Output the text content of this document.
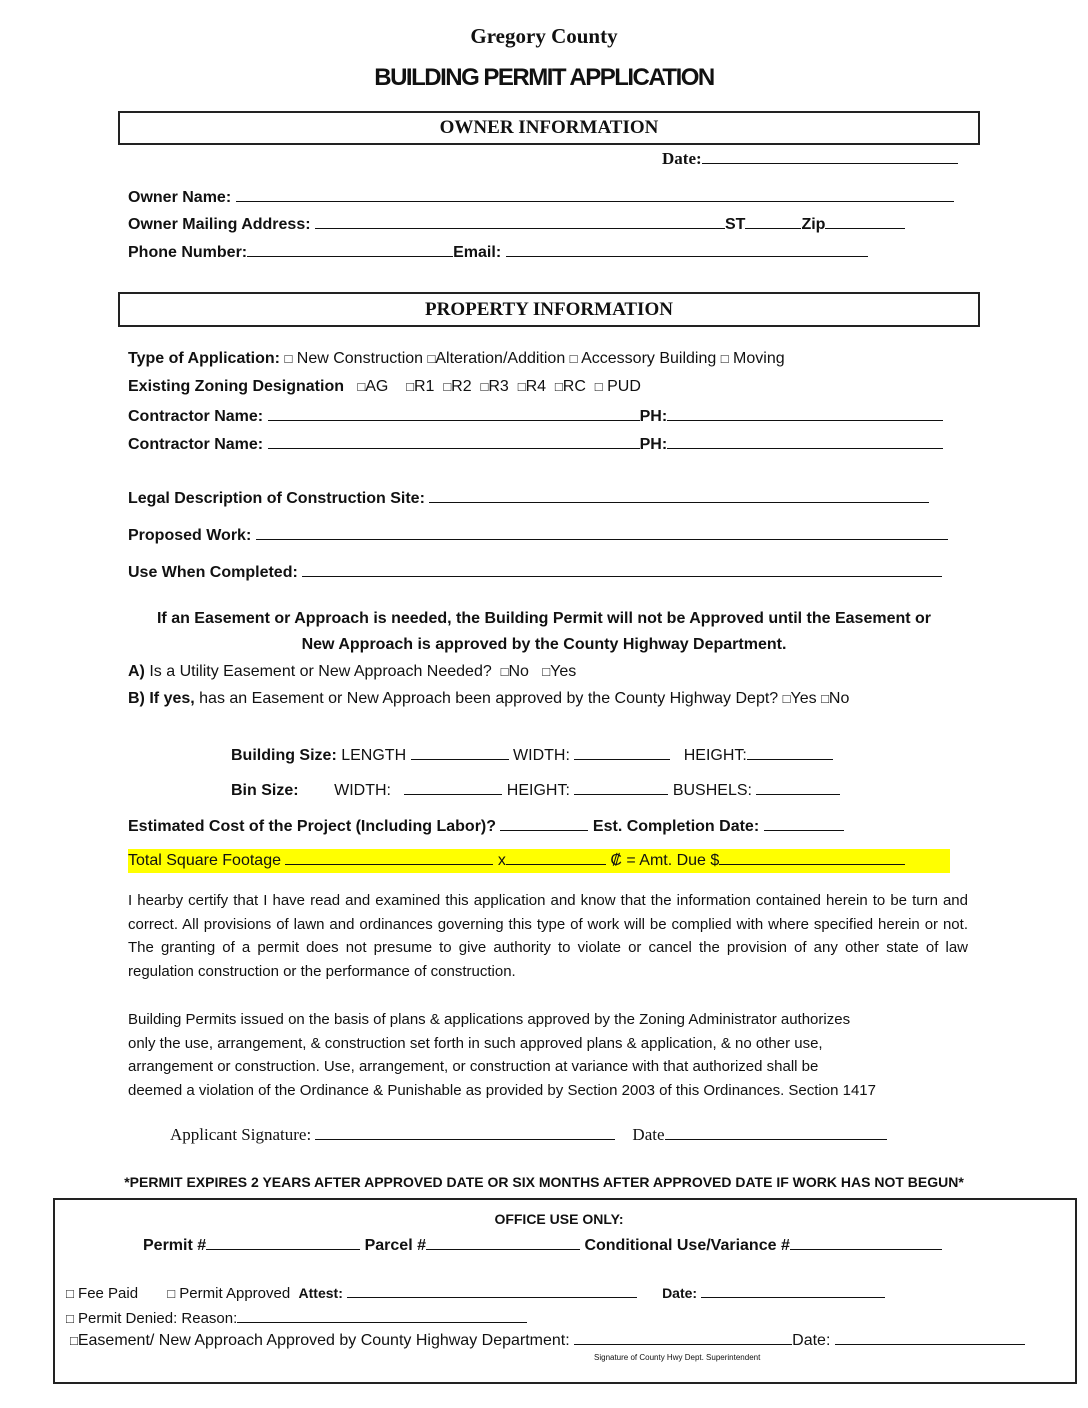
Gregory County
BUILDING PERMIT APPLICATION
OWNER INFORMATION
Date:
Owner Name:
Owner Mailing Address:	ST	Zip
Phone Number:	Email:
PROPERTY INFORMATION
Type of Application: □ New Construction □Alteration/Addition □ Accessory Building □ Moving
Existing Zoning Designation □AG □R1 □R2 □R3 □R4 □RC □ PUD
Contractor Name:	PH:
Contractor Name:	PH:
Legal Description of Construction Site:
Proposed Work:
Use When Completed:
If an Easement or Approach is needed, the Building Permit will not be Approved until the Easement or
New Approach is approved by the County Highway Department.
A) Is a Utility Easement or New Approach Needed? □No □Yes
B) If yes, has an Easement or New Approach been approved by the County Highway Dept? □Yes □No
Building Size: LENGTH	WIDTH:	HEIGHT:
Bin Size: WIDTH:	HEIGHT:	BUSHELS:
Estimated Cost of the Project (Including Labor)?	Est. Completion Date:
Total Square Footage	x	₡ = Amt. Due $
I hearby certify that I have read and examined this application and know that the information contained herein to be turn and correct. All provisions of lawn and ordinances governing this type of work will be complied with where specified herein or not. The granting of a permit does not presume to give authority to violate or cancel the provision of any other state of law regulation construction or the performance of construction.
Building Permits issued on the basis of plans & applications approved by the Zoning Administrator authorizes
only the use, arrangement, & construction set forth in such approved plans & application, & no other use,
arrangement or construction. Use, arrangement, or construction at variance with that authorized shall be
deemed a violation of the Ordinance & Punishable as provided by Section 2003 of this Ordinances. Section 1417
Applicant Signature:	Date
*PERMIT EXPIRES 2 YEARS AFTER APPROVED DATE OR SIX MONTHS AFTER APPROVED DATE IF WORK HAS NOT BEGUN*
OFFICE USE ONLY:
Permit #	Parcel #	Conditional Use/Variance #
□ Fee Paid □ Permit Approved Attest:	Date:
□ Permit Denied: Reason:
□Easement/ New Approach Approved by County Highway Department:	Date:
Signature of County Hwy Dept. Superintendent
